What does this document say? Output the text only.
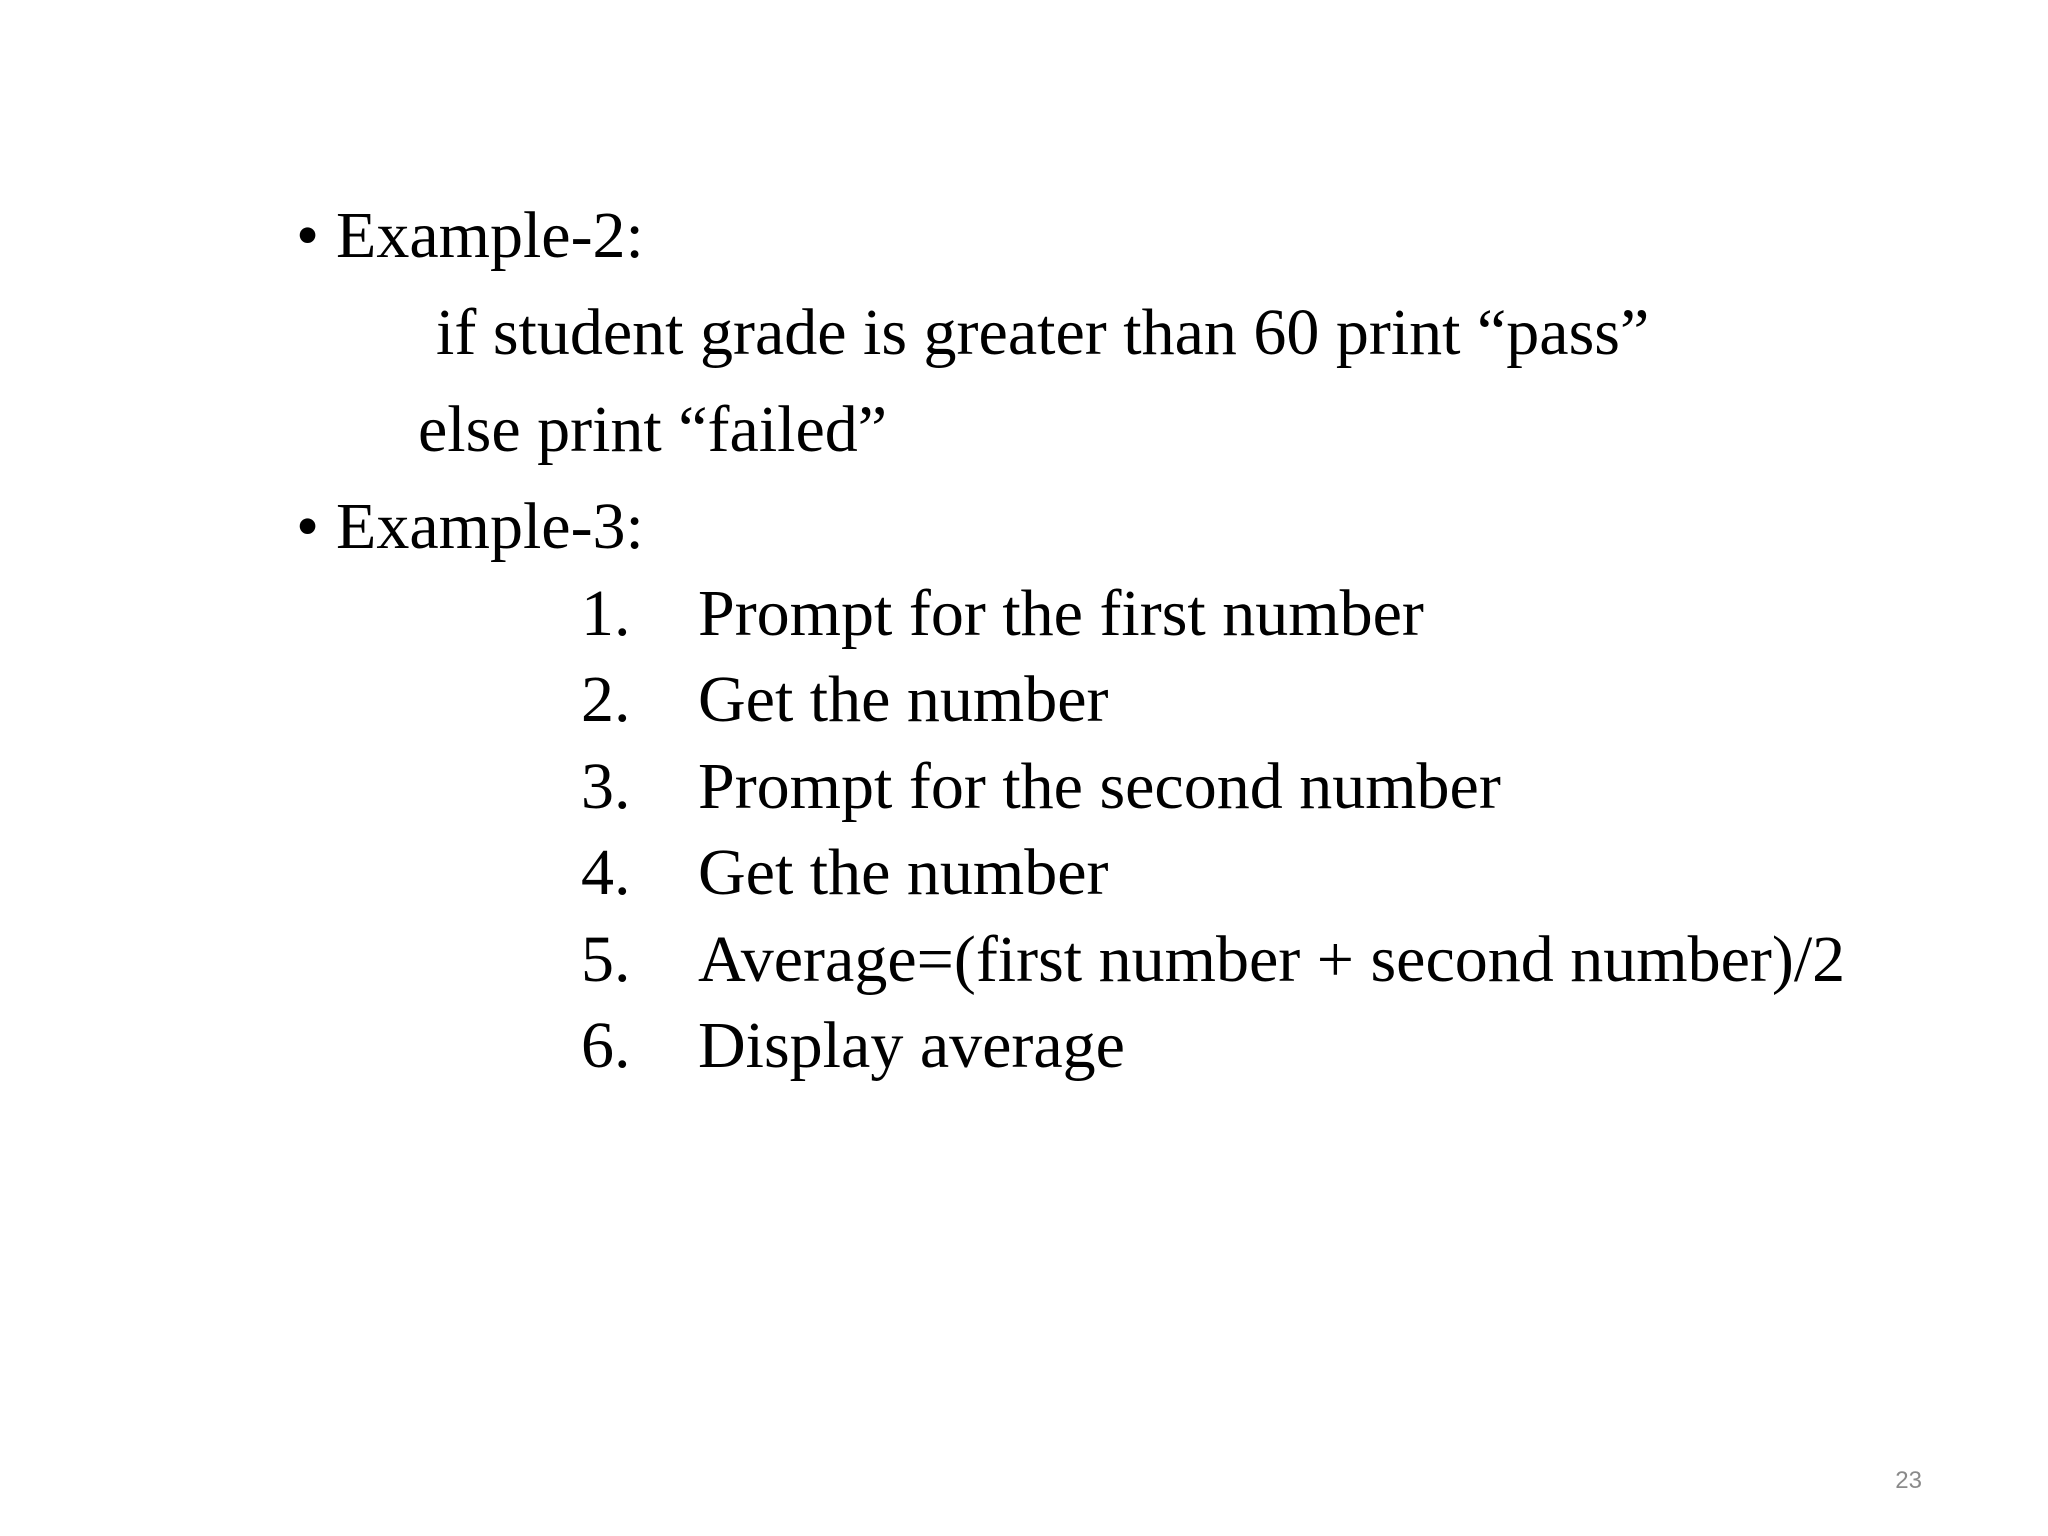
• Example-2:
if student grade is greater than 60 print “pass”
else print “failed”
• Example-3:
1. Prompt for the first number
2. Get the number
3. Prompt for the second number
4. Get the number
5. Average=(first number + second number)/2
6. Display average
23
